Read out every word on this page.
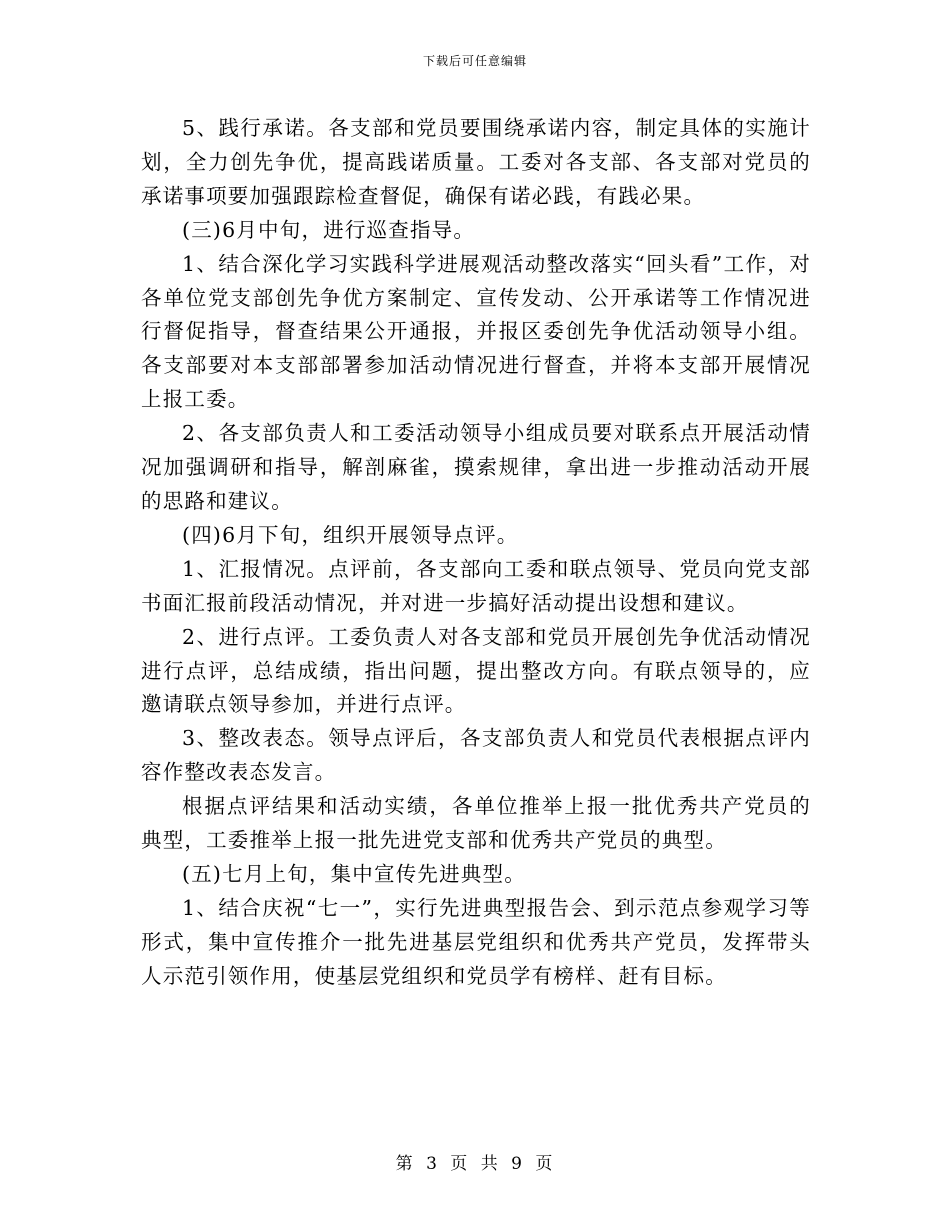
下载后可任意编辑

5、践行承诺。各支部和党员要围绕承诺内容，制定具体的实施计划，全力创先争优，提高践诺质量。工委对各支部、各支部对党员的承诺事项要加强跟踪检查督促，确保有诺必践，有践必果。

(三)6月中旬，进行巡查指导。

1、结合深化学习实践科学进展观活动整改落实“回头看”工作，对各单位党支部创先争优方案制定、宣传发动、公开承诺等工作情况进行督促指导，督查结果公开通报，并报区委创先争优活动领导小组。各支部要对本支部部署参加活动情况进行督查，并将本支部开展情况上报工委。

2、各支部负责人和工委活动领导小组成员要对联系点开展活动情况加强调研和指导，解剖麻雀，摸索规律，拿出进一步推动活动开展的思路和建议。

(四)6月下旬，组织开展领导点评。

1、汇报情况。点评前，各支部向工委和联点领导、党员向党支部书面汇报前段活动情况，并对进一步搞好活动提出设想和建议。

2、进行点评。工委负责人对各支部和党员开展创先争优活动情况进行点评，总结成绩，指出问题，提出整改方向。有联点领导的，应邀请联点领导参加，并进行点评。

3、整改表态。领导点评后，各支部负责人和党员代表根据点评内容作整改表态发言。

根据点评结果和活动实绩，各单位推举上报一批优秀共产党员的典型，工委推举上报一批先进党支部和优秀共产党员的典型。

(五)七月上旬，集中宣传先进典型。

1、结合庆祝“七一”，实行先进典型报告会、到示范点参观学习等形式，集中宣传推介一批先进基层党组织和优秀共产党员，发挥带头人示范引领作用，使基层党组织和党员学有榜样、赶有目标。

第 3 页 共 9 页
